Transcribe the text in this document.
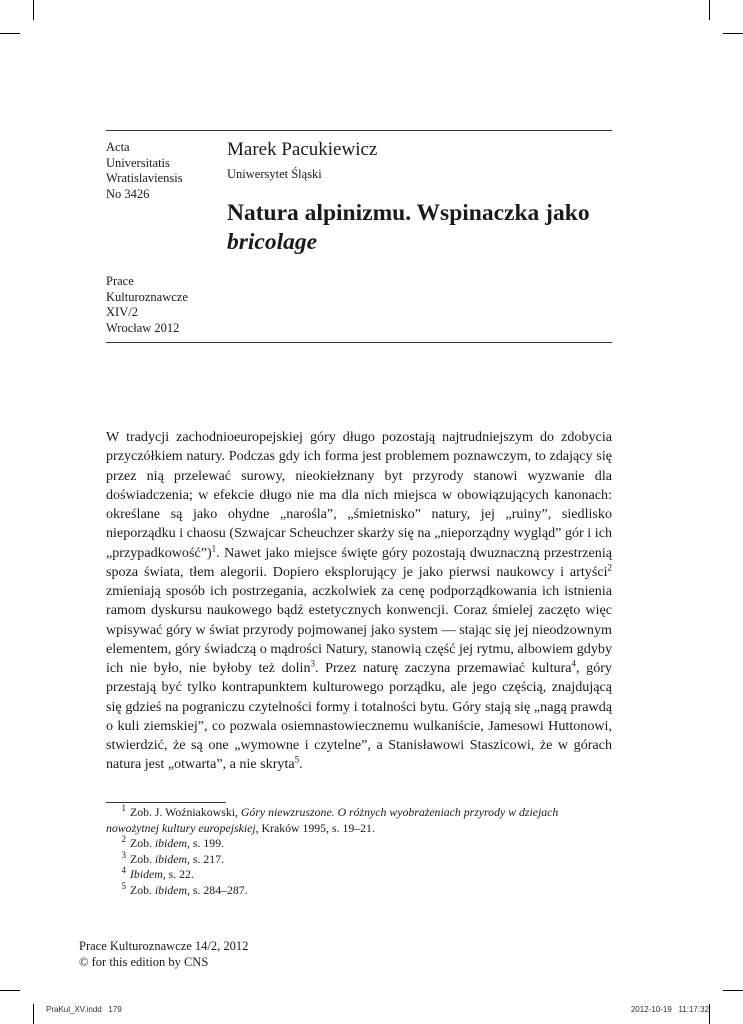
Acta
Universitatis
Wratislaviensis
No 3426
Prace
Kulturoznawcze
XIV/2
Wrocław 2012
Marek Pacukiewicz
Uniwersytet Śląski
Natura alpinizmu. Wspinaczka jako bricolage

W tradycji zachodnioeuropejskiej góry długo pozostają najtrudniejszym do zdobycia przyczółkiem natury. Podczas gdy ich forma jest problemem poznawczym, to zdający się przez nią przelewać surowy, nieokiełznany byt przyrody stanowi wyzwanie dla doświadczenia; w efekcie długo nie ma dla nich miejsca w obowiązujących kanonach: określane są jako ohydne „narośla”, „śmietnisko” natury, jej „ruiny”, siedlisko nieporządku i chaosu (Szwajcar Scheuchzer skarży się na „nieporządny wygląd” gór i ich „przypadkowość”)$^1$. Nawet jako miejsce święte góry pozostają dwuznaczną przestrzenią spoza świata, tłem alegorii. Dopiero eksplorujący je jako pierwsi naukowcy i artyści$^2$ zmieniają sposób ich postrzegania, aczkolwiek za cenę podporządkowania ich istnienia ramom dyskursu naukowego bądź estetycznych konwencji. Coraz śmielej zaczęto więc wpisywać góry w świat przyrody pojmowanej jako system — stając się jej nieodzownym elementem, góry świadczą o mądrości Natury, stanowią część jej rytmu, albowiem gdyby ich nie było, nie byłoby też dolin$^3$. Przez naturę zaczyna przemawiać kultura$^4$, góry przestają być tylko kontrapunktem kulturowego porządku, ale jego częścią, znajdującą się gdzieś na pograniczu czytelności formy i totalności bytu. Góry stają się „nagą prawdą o kuli ziemskiej”, co pozwala osiemnastowiecznemu wulkaniście, Jamesowi Huttonowi, stwierdzić, że są one „wymowne i czytelne”, a Stanisławowi Staszicowi, że w górach natura jest „otwarta”, a nie skryta$^5$.

1 Zob. J. Woźniakowski, Góry niewzruszone. O różnych wyobrażeniach przyrody w dziejach nowożytnej kultury europejskiej, Kraków 1995, s. 19–21.
2 Zob. ibidem, s. 199.
3 Zob. ibidem, s. 217.
4 Ibidem, s. 22.
5 Zob. ibidem, s. 284–287.
Prace Kulturoznawcze 14/2, 2012
© for this edition by CNS
PraKul_XV.indd   179	2012-10-19   11:17:32
